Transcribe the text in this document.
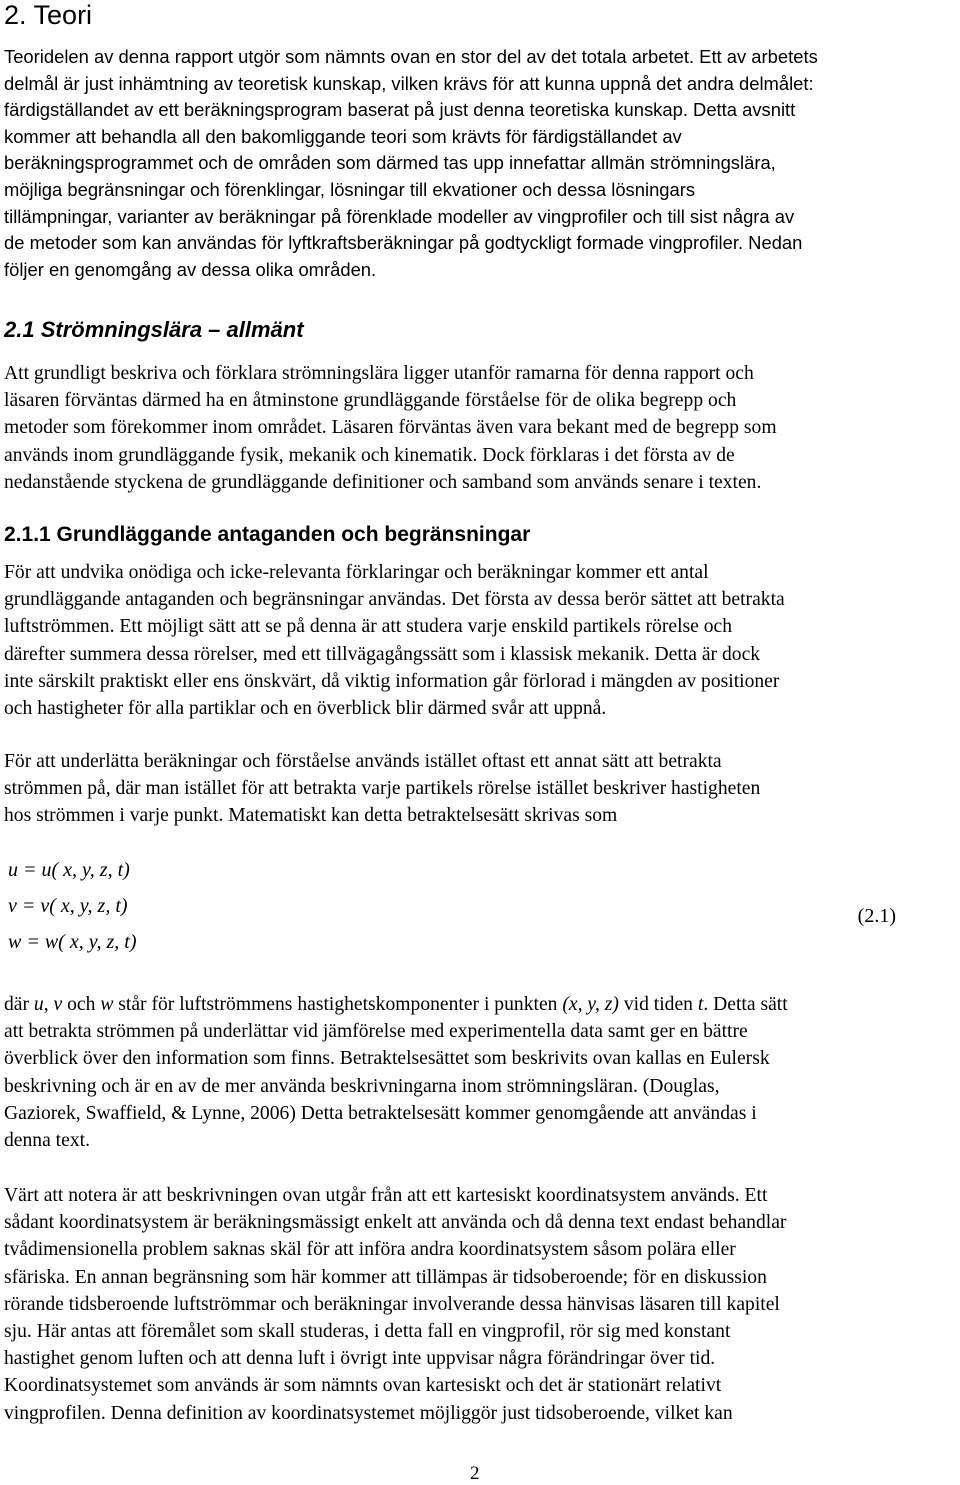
2. Teori
Teoridelen av denna rapport utgör som nämnts ovan en stor del av det totala arbetet. Ett av arbetets
delmål är just inhämtning av teoretisk kunskap, vilken krävs för att kunna uppnå det andra delmålet:
färdigställandet av ett beräkningsprogram baserat på just denna teoretiska kunskap. Detta avsnitt
kommer att behandla all den bakomliggande teori som krävts för färdigställandet av
beräkningsprogrammet och de områden som därmed tas upp innefattar allmän strömningslära,
möjliga begränsningar och förenklingar, lösningar till ekvationer och dessa lösningars
tillämpningar, varianter av beräkningar på förenklade modeller av vingprofiler och till sist några av
de metoder som kan användas för lyftkraftsberäkningar på godtyckligt formade vingprofiler. Nedan
följer en genomgång av dessa olika områden.
2.1 Strömningslära – allmänt
Att grundligt beskriva och förklara strömningslära ligger utanför ramarna för denna rapport och
läsaren förväntas därmed ha en åtminstone grundläggande förståelse för de olika begrepp och
metoder som förekommer inom området. Läsaren förväntas även vara bekant med de begrepp som
används inom grundläggande fysik, mekanik och kinematik. Dock förklaras i det första av de
nedanstående styckena de grundläggande definitioner och samband som används senare i texten.
2.1.1 Grundläggande antaganden och begränsningar
För att undvika onödiga och icke-relevanta förklaringar och beräkningar kommer ett antal
grundläggande antaganden och begränsningar användas. Det första av dessa berör sättet att betrakta
luftströmmen. Ett möjligt sätt att se på denna är att studera varje enskild partikels rörelse och
därefter summera dessa rörelser, med ett tillvägagångssätt som i klassisk mekanik. Detta är dock
inte särskilt praktiskt eller ens önskvärt, då viktig information går förlorad i mängden av positioner
och hastigheter för alla partiklar och en överblick blir därmed svår att uppnå.
För att underlätta beräkningar och förståelse används istället oftast ett annat sätt att betrakta
strömmen på, där man istället för att betrakta varje partikels rörelse istället beskriver hastigheten
hos strömmen i varje punkt. Matematiskt kan detta betraktelsesätt skrivas som
u = u( x, y, z, t)
v = v( x, y, z, t)
w = w( x, y, z, t)
(2.1)
där u, v och w står för luftströmmens hastighetskomponenter i punkten (x, y, z) vid tiden t. Detta sätt
att betrakta strömmen på underlättar vid jämförelse med experimentella data samt ger en bättre
överblick över den information som finns. Betraktelsesättet som beskrivits ovan kallas en Eulersk
beskrivning och är en av de mer använda beskrivningarna inom strömningsläran. (Douglas,
Gaziorek, Swaffield, & Lynne, 2006) Detta betraktelsesätt kommer genomgående att användas i
denna text.
Värt att notera är att beskrivningen ovan utgår från att ett kartesiskt koordinatsystem används. Ett
sådant koordinatsystem är beräkningsmässigt enkelt att använda och då denna text endast behandlar
tvådimensionella problem saknas skäl för att införa andra koordinatsystem såsom polära eller
sfäriska. En annan begränsning som här kommer att tillämpas är tidsoberoende; för en diskussion
rörande tidsberoende luftströmmar och beräkningar involverande dessa hänvisas läsaren till kapitel
sju. Här antas att föremålet som skall studeras, i detta fall en vingprofil, rör sig med konstant
hastighet genom luften och att denna luft i övrigt inte uppvisar några förändringar över tid.
Koordinatsystemet som används är som nämnts ovan kartesiskt och det är stationärt relativt
vingprofilen. Denna definition av koordinatsystemet möjliggör just tidsoberoende, vilket kan
2
